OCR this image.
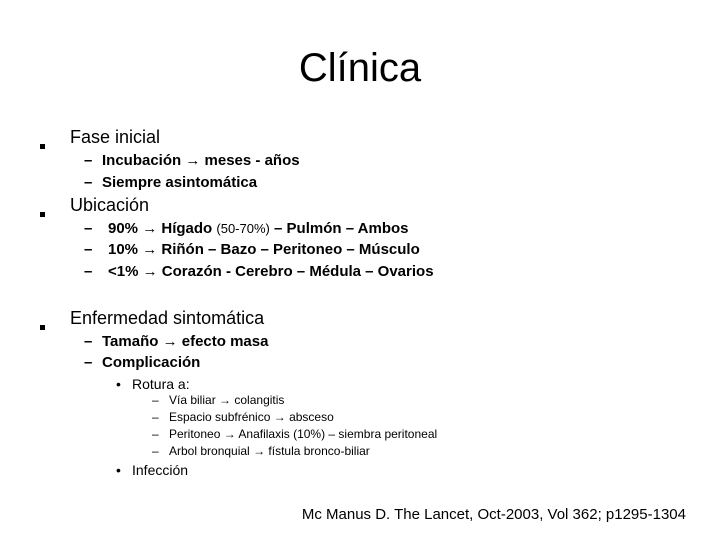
Clínica
Fase inicial
– Incubación → meses - años
– Siempre asintomática
Ubicación
– 90% → Hígado (50-70%) – Pulmón – Ambos
– 10% → Riñón – Bazo – Peritoneo – Músculo
– <1% → Corazón - Cerebro – Médula – Ovarios
Enfermedad sintomática
– Tamaño → efecto masa
– Complicación
• Rotura a:
– Vía biliar → colangitis
– Espacio subfrénico → absceso
– Peritoneo → Anafilaxis (10%) – siembra peritoneal
– Arbol bronquial → fístula bronco-biliar
• Infección
Mc Manus D. The Lancet, Oct-2003, Vol 362; p1295-1304
